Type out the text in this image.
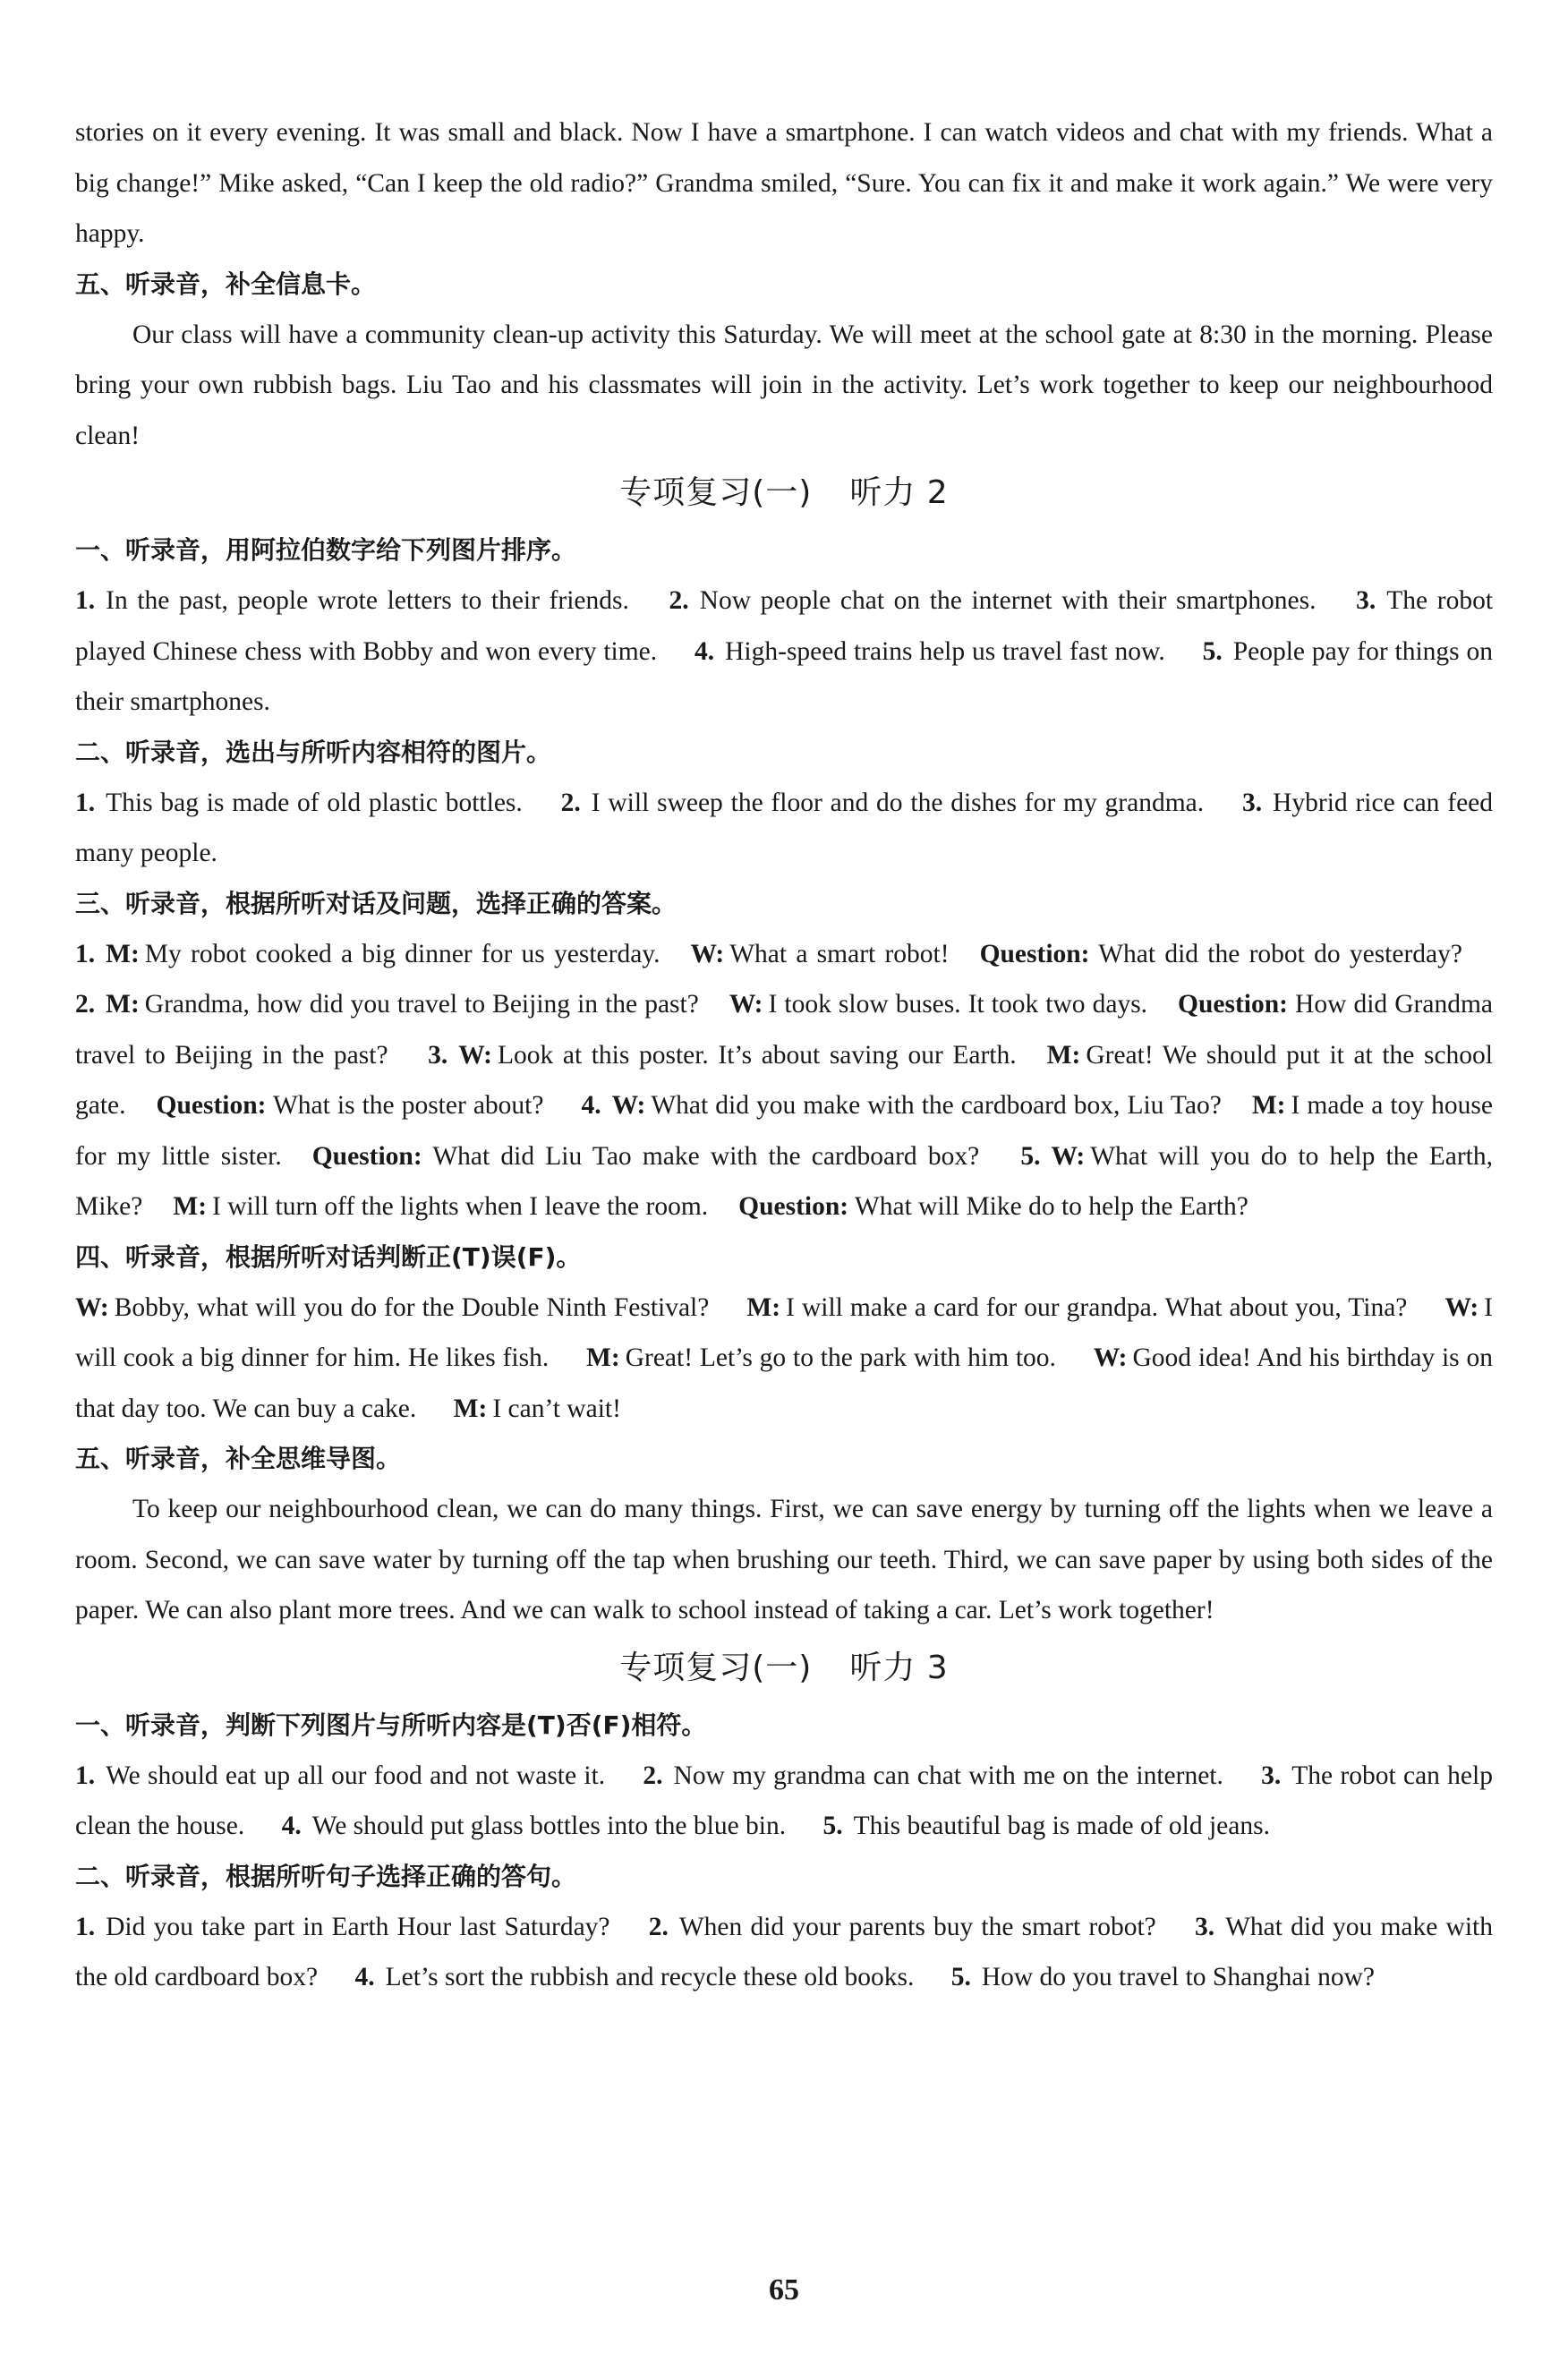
stories on it every evening. It was small and black. Now I have a smartphone. I can watch videos and chat with my friends. What a big change!” Mike asked, “Can I keep the old radio?” Grandma smiled, “Sure. You can fix it and make it work again.” We were very happy.

五、听录音，补全信息卡。

Our class will have a community clean-up activity this Saturday. We will meet at the school gate at 8:30 in the morning. Please bring your own rubbish bags. Liu Tao and his classmates will join in the activity. Let’s work together to keep our neighbourhood clean!

专项复习(一) 听力 2

一、听录音，用阿拉伯数字给下列图片排序。

1. In the past, people wrote letters to their friends. 2. Now people chat on the internet with their smartphones. 3. The robot played Chinese chess with Bobby and won every time. 4. High-speed trains help us travel fast now. 5. People pay for things on their smartphones.

二、听录音，选出与所听内容相符的图片。

1. This bag is made of old plastic bottles. 2. I will sweep the floor and do the dishes for my grandma. 3. Hybrid rice can feed many people.

三、听录音，根据所听对话及问题，选择正确的答案。

1. M: My robot cooked a big dinner for us yesterday. W: What a smart robot! Question: What did the robot do yesterday? 2. M: Grandma, how did you travel to Beijing in the past? W: I took slow buses. It took two days. Question: How did Grandma travel to Beijing in the past? 3. W: Look at this poster. It’s about saving our Earth. M: Great! We should put it at the school gate. Question: What is the poster about? 4. W: What did you make with the cardboard box, Liu Tao? M: I made a toy house for my little sister. Question: What did Liu Tao make with the cardboard box? 5. W: What will you do to help the Earth, Mike? M: I will turn off the lights when I leave the room. Question: What will Mike do to help the Earth?

四、听录音，根据所听对话判断正(T)误(F)。

W: Bobby, what will you do for the Double Ninth Festival? M: I will make a card for our grandpa. What about you, Tina? W: I will cook a big dinner for him. He likes fish. M: Great! Let’s go to the park with him too. W: Good idea! And his birthday is on that day too. We can buy a cake. M: I can’t wait!

五、听录音，补全思维导图。

To keep our neighbourhood clean, we can do many things. First, we can save energy by turning off the lights when we leave a room. Second, we can save water by turning off the tap when brushing our teeth. Third, we can save paper by using both sides of the paper. We can also plant more trees. And we can walk to school instead of taking a car. Let’s work together!

专项复习(一) 听力 3

一、听录音，判断下列图片与所听内容是(T)否(F)相符。

1. We should eat up all our food and not waste it. 2. Now my grandma can chat with me on the internet. 3. The robot can help clean the house. 4. We should put glass bottles into the blue bin. 5. This beautiful bag is made of old jeans.

二、听录音，根据所听句子选择正确的答句。

1. Did you take part in Earth Hour last Saturday? 2. When did your parents buy the smart robot? 3. What did you make with the old cardboard box? 4. Let’s sort the rubbish and recycle these old books. 5. How do you travel to Shanghai now?

65
